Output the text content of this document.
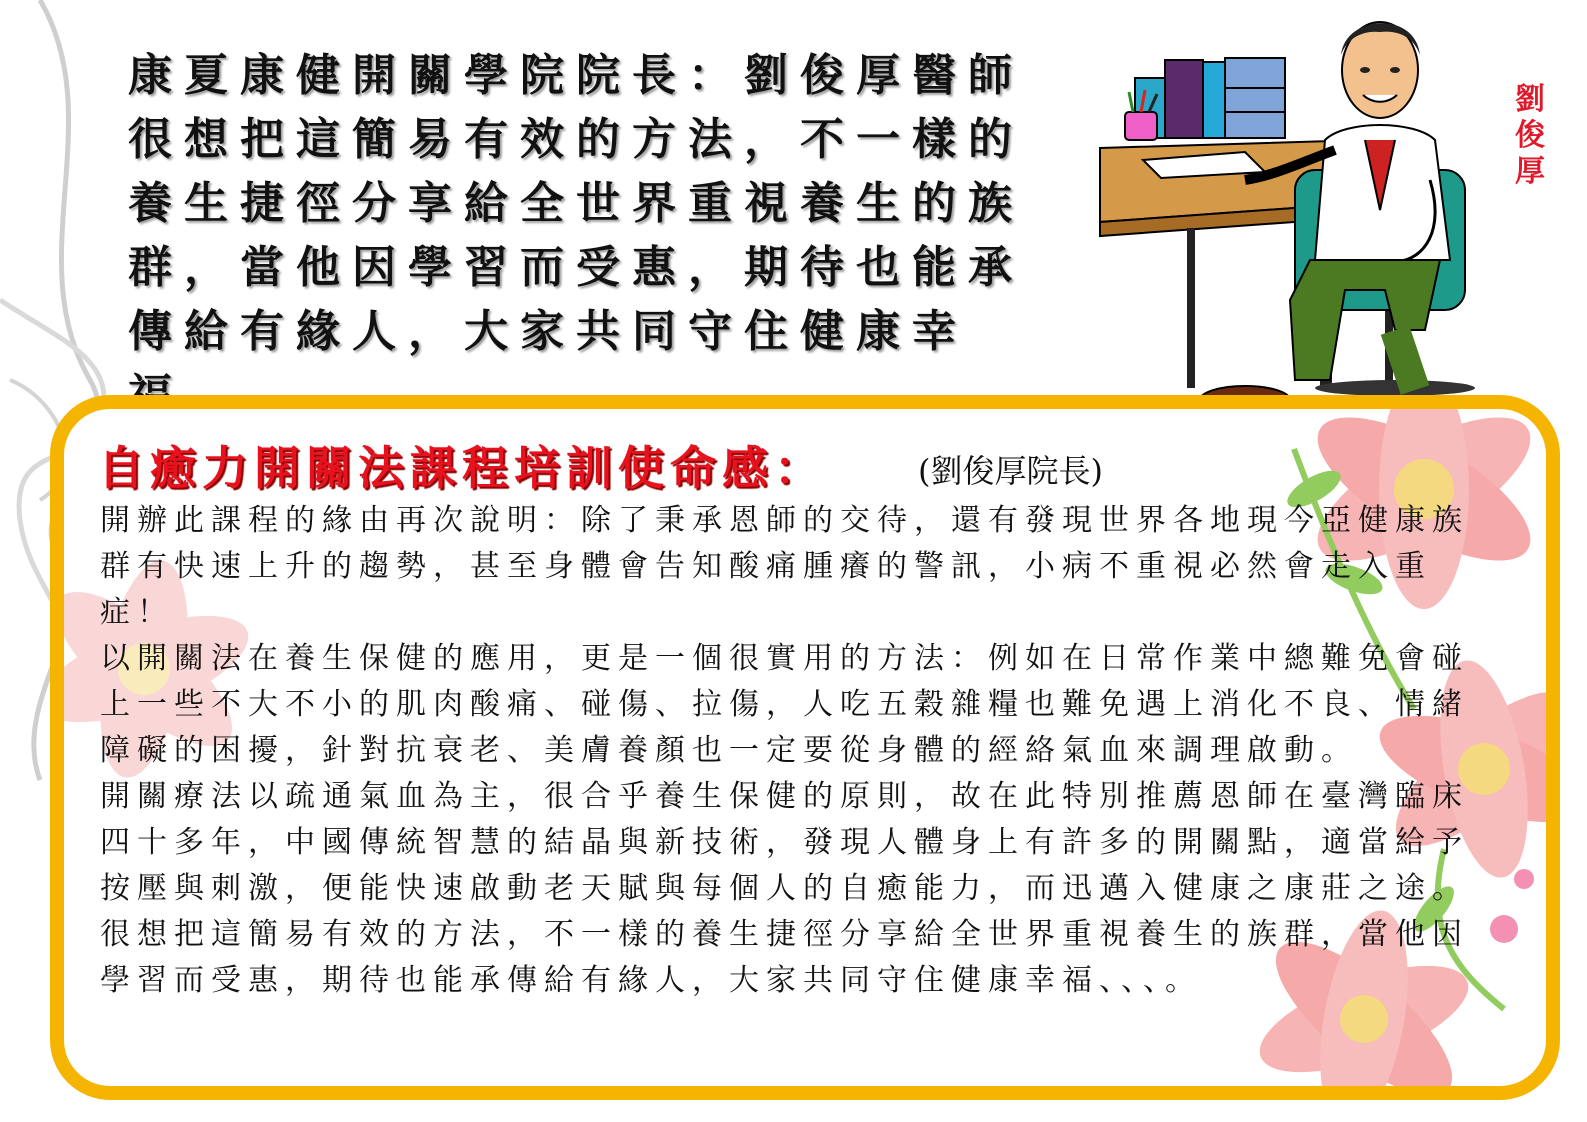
康夏康健開關學院院長：劉俊厚醫師很想把這簡易有效的方法，不一樣的養生捷徑分享給全世界重視養生的族群，當他因學習而受惠，期待也能承傳給有緣人，大家共同守住健康幸
劉俊厚
自癒力開關法課程培訓使命感：	(劉俊厚院長)

開辦此課程的緣由再次說明：除了秉承恩師的交待，還有發現世界各地現今亞健康族群有快速上升的趨勢，甚至身體會告知酸痛腫癢的警訊，小病不重視必然會走入重症！

以開關法在養生保健的應用，更是一個很實用的方法：例如在日常作業中總難免會碰上一些不大不小的肌肉酸痛、碰傷、拉傷，人吃五穀雜糧也難免遇上消化不良、情緒障礙的困擾，針對抗衰老、美膚養顏也一定要從身體的經絡氣血來調理啟動。

開關療法以疏通氣血為主，很合乎養生保健的原則，故在此特別推薦恩師在臺灣臨床四十多年，中國傳統智慧的結晶與新技術，發現人體身上有許多的開關點，適當給予按壓與刺激，便能快速啟動老天賦與每個人的自癒能力，而迅邁入健康之康莊之途。

很想把這簡易有效的方法，不一樣的養生捷徑分享給全世界重視養生的族群，當他因學習而受惠，期待也能承傳給有緣人，大家共同守住健康幸福、、、。
